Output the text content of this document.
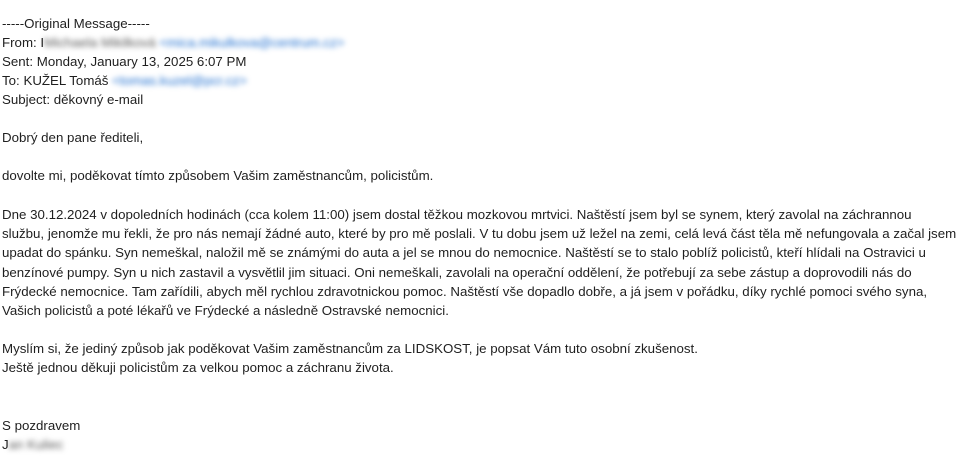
-----Original Message-----
From: IMichaela Mikilková <mica.mikulkova@centrum.cz>
Sent: Monday, January 13, 2025 6:07 PM
To: KUŽEL Tomáš <tomas.kuzel@pcr.cz>
Subject: děkovný e-mail
Dobrý den pane řediteli,
dovolte mi, poděkovat tímto způsobem Vašim zaměstnancům, policistům.
Dne 30.12.2024 v dopoledních hodinách (cca kolem 11:00) jsem dostal těžkou mozkovou mrtvici. Naštěstí jsem byl se synem, který zavolal na záchrannou
službu, jenomže mu řekli, že pro nás nemají žádné auto, které by pro mě poslali. V tu dobu jsem už ležel na zemi, celá levá část těla mě nefungovala a začal jsem
upadat do spánku. Syn nemeškal, naložil mě se známými do auta a jel se mnou do nemocnice. Naštěstí se to stalo poblíž policistů, kteří hlídali na Ostravici u
benzínové pumpy. Syn u nich zastavil a vysvětlil jim situaci. Oni nemeškali, zavolali na operační oddělení, že potřebují za sebe zástup a doprovodili nás do
Frýdecké nemocnice. Tam zařídili, abych měl rychlou zdravotnickou pomoc. Naštěstí vše dopadlo dobře, a já jsem v pořádku, díky rychlé pomoci svého syna,
Vašich policistů a poté lékařů ve Frýdecké a následně Ostravské nemocnici.
Myslím si, že jediný způsob jak poděkovat Vašim zaměstnancům za LIDSKOST, je popsat Vám tuto osobní zkušenost.
Ještě jednou děkuji policistům za velkou pomoc a záchranu života.
S pozdravem
Jan Kuliec
